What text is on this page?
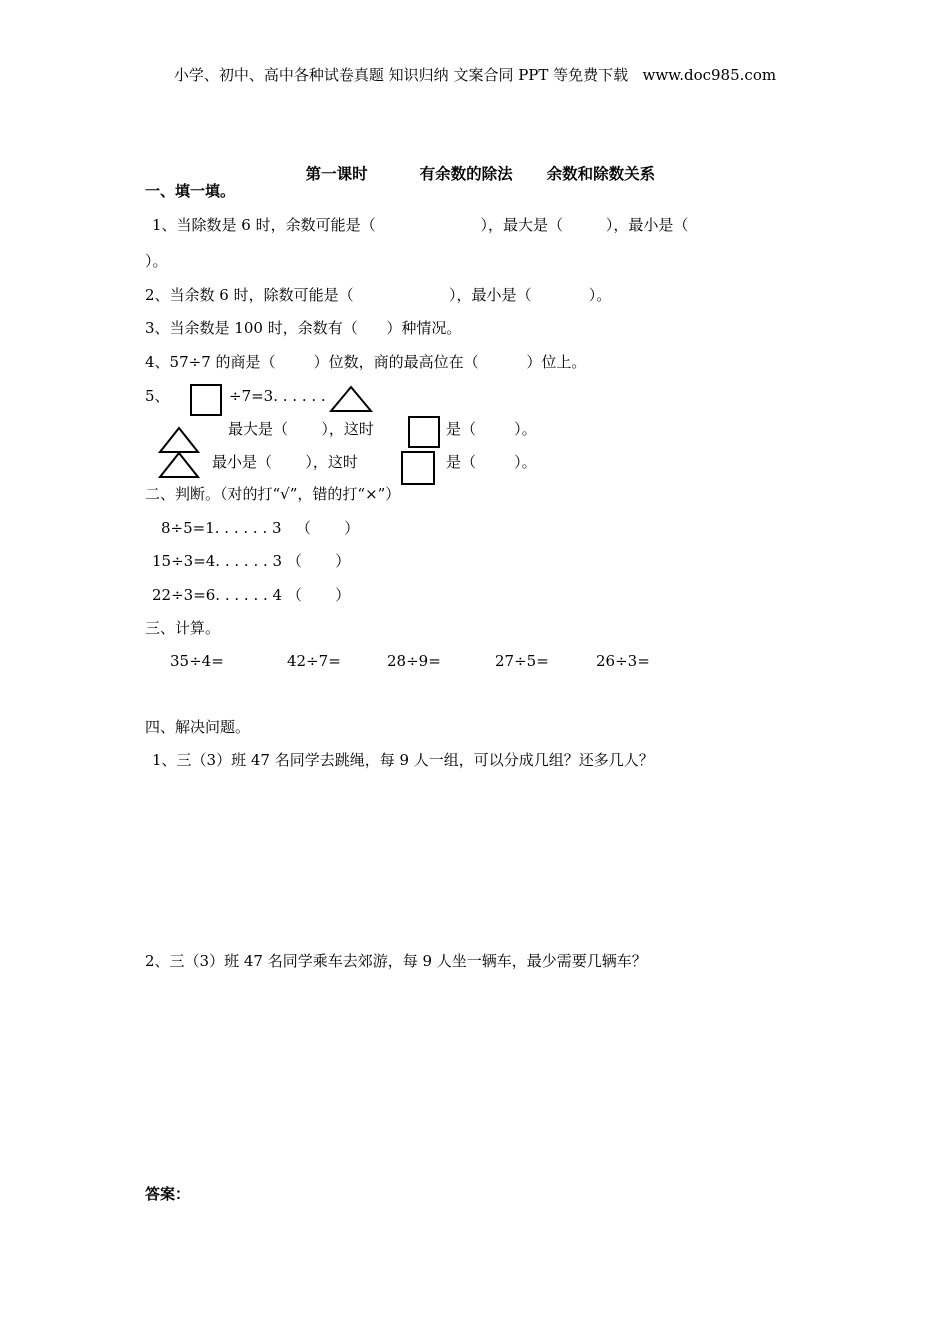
小学、初中、高中各种试卷真题 知识归纳 文案合同 PPT 等免费下载   www.doc985.com

第一课时	有余数的除法 余数和除数关系

一、填一填。
1、当除数是 6 时，余数可能是（                      ），最大是（         ），最小是（
）。
2、当余数 6 时，除数可能是（                    ），最小是（            ）。
3、当余数是 100 时，余数有（      ）种情况。
4、57÷7 的商是（        ）位数，商的最高位在（          ）位上。
5、	÷7=3. . . . . .
最大是（       ），这时	是（        ）。
最小是（       ），这时	是（        ）。
二、判断。（对的打“√”，错的打“×”）
8÷5=1. . . . . . 3   （       ）
15÷3=4. . . . . . 3 （       ）
22÷3=6. . . . . . 4 （       ）
三、计算。
35÷4=	42÷7=	28÷9=	27÷5=	26÷3=
四、解决问题。
1、三（3）班 47 名同学去跳绳，每 9 人一组，可以分成几组？还多几人？
2、三（3）班 47 名同学乘车去郊游，每 9 人坐一辆车，最少需要几辆车？
答案：
